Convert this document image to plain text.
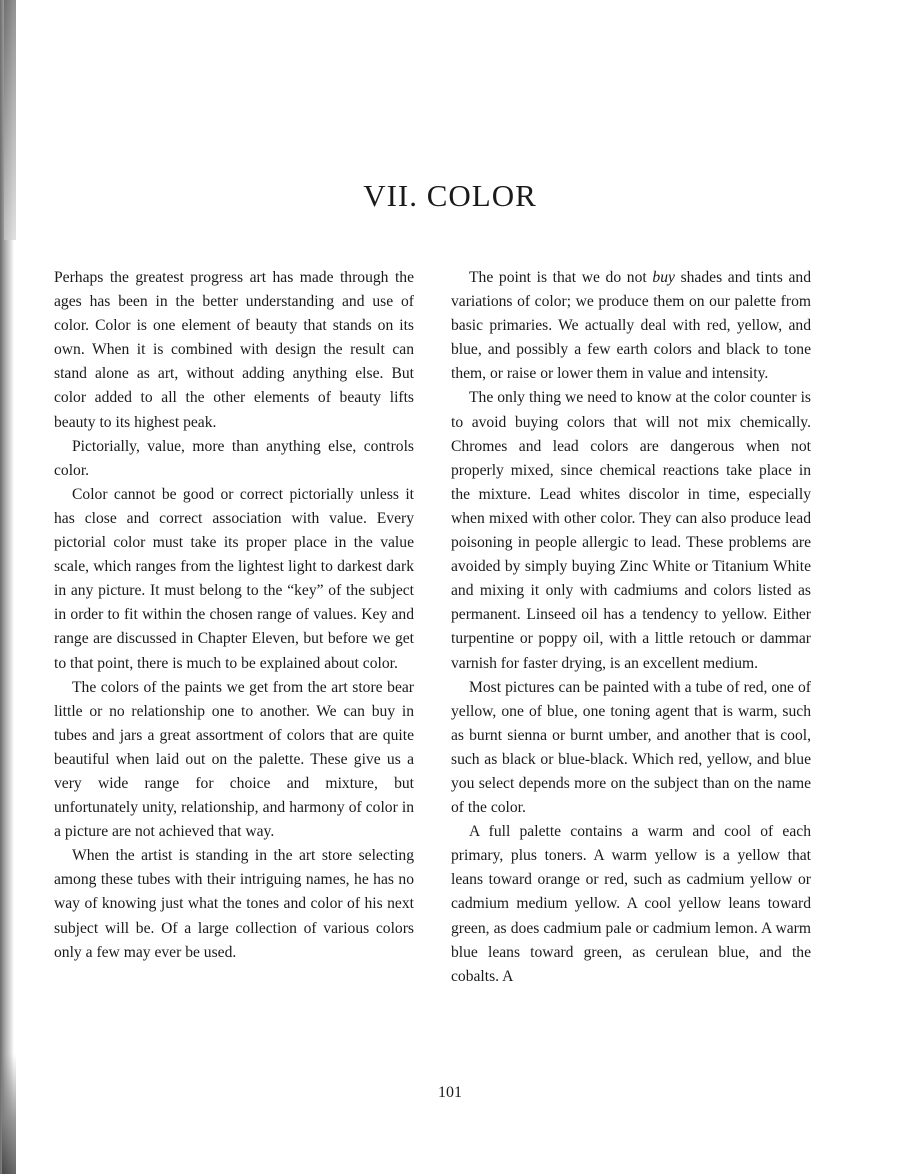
VII. COLOR

Perhaps the greatest progress art has made through the ages has been in the better understanding and use of color. Color is one element of beauty that stands on its own. When it is combined with design the result can stand alone as art, without adding anything else. But color added to all the other elements of beauty lifts beauty to its highest peak.

Pictorially, value, more than anything else, controls color.

Color cannot be good or correct pictorially unless it has close and correct association with value. Every pictorial color must take its proper place in the value scale, which ranges from the lightest light to darkest dark in any picture. It must belong to the “key” of the subject in order to fit within the chosen range of values. Key and range are discussed in Chapter Eleven, but before we get to that point, there is much to be explained about color.

The colors of the paints we get from the art store bear little or no relationship one to another. We can buy in tubes and jars a great assortment of colors that are quite beautiful when laid out on the palette. These give us a very wide range for choice and mixture, but unfortunately unity, relationship, and harmony of color in a picture are not achieved that way.

When the artist is standing in the art store selecting among these tubes with their intriguing names, he has no way of knowing just what the tones and color of his next subject will be. Of a large collection of various colors only a few may ever be used.

The point is that we do not buy shades and tints and variations of color; we produce them on our palette from basic primaries. We actually deal with red, yellow, and blue, and possibly a few earth colors and black to tone them, or raise or lower them in value and intensity.

The only thing we need to know at the color counter is to avoid buying colors that will not mix chemically. Chromes and lead colors are dangerous when not properly mixed, since chemical reactions take place in the mixture. Lead whites discolor in time, especially when mixed with other color. They can also produce lead poisoning in people allergic to lead. These problems are avoided by simply buying Zinc White or Titanium White and mixing it only with cadmiums and colors listed as permanent. Linseed oil has a tendency to yellow. Either turpentine or poppy oil, with a little retouch or dammar varnish for faster drying, is an excellent medium.

Most pictures can be painted with a tube of red, one of yellow, one of blue, one toning agent that is warm, such as burnt sienna or burnt umber, and another that is cool, such as black or blue-black. Which red, yellow, and blue you select depends more on the subject than on the name of the color.

A full palette contains a warm and cool of each primary, plus toners. A warm yellow is a yellow that leans toward orange or red, such as cadmium yellow or cadmium medium yellow. A cool yellow leans toward green, as does cadmium pale or cadmium lemon. A warm blue leans toward green, as cerulean blue, and the cobalts. A

101
